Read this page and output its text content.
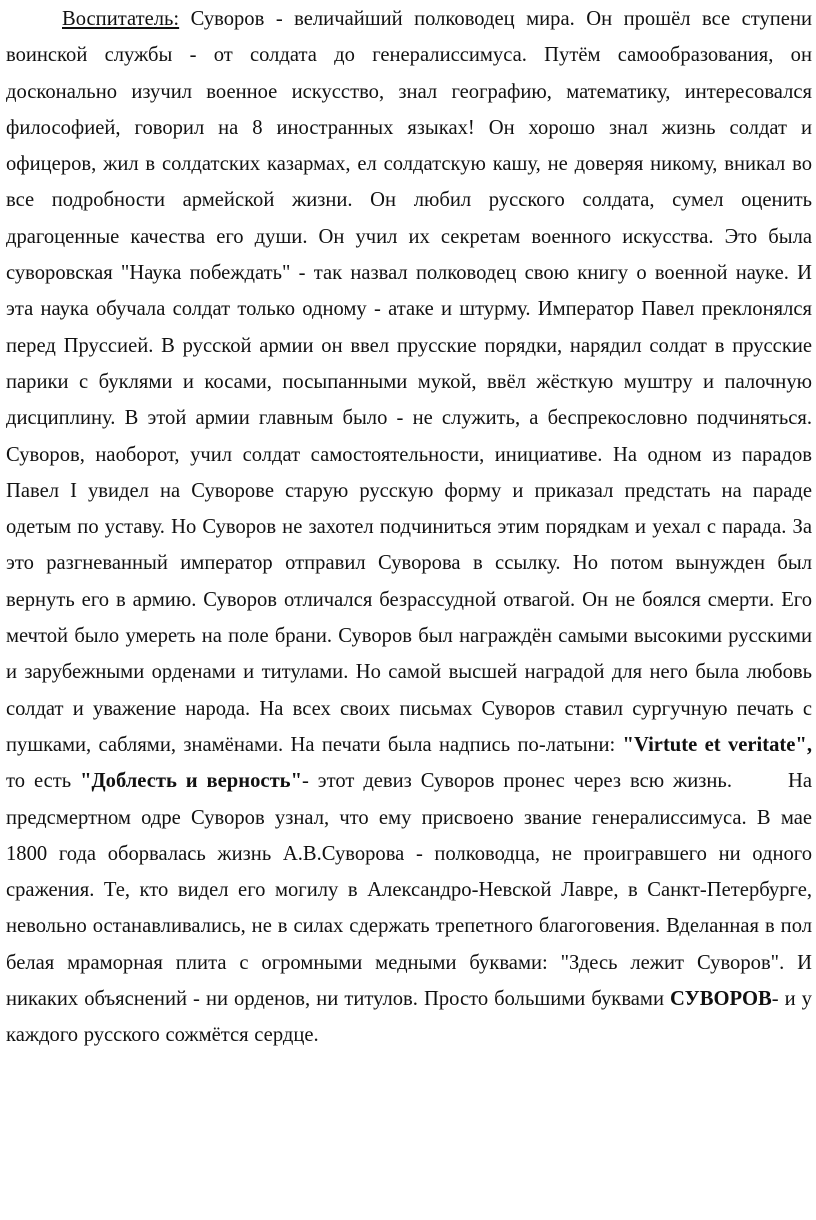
Воспитатель: Суворов - величайший полководец мира. Он прошёл все ступени воинской службы - от солдата до генералиссимуса. Путём самообразования, он досконально изучил военное искусство, знал географию, математику, интересовался философией, говорил на 8 иностранных языках! Он хорошо знал жизнь солдат и офицеров, жил в солдатских казармах, ел солдатскую кашу, не доверяя никому, вникал во все подробности армейской жизни. Он любил русского солдата, сумел оценить драгоценные качества его души. Он учил их секретам военного искусства. Это была суворовская "Наука побеждать" - так назвал полководец свою книгу о военной науке. И эта наука обучала солдат только одному - атаке и штурму. Император Павел преклонялся перед Пруссией. В русской армии он ввел прусские порядки, нарядил солдат в прусские парики с буклями и косами, посыпанными мукой, ввёл жёсткую муштру и палочную дисциплину. В этой армии главным было - не служить, а беспрекословно подчиняться. Суворов, наоборот, учил солдат самостоятельности, инициативе. На одном из парадов Павел I увидел на Суворове старую русскую форму и приказал предстать на параде одетым по уставу. Но Суворов не захотел подчиниться этим порядкам и уехал с парада. За это разгневанный император отправил Суворова в ссылку. Но потом вынужден был вернуть его в армию. Суворов отличался безрассудной отвагой. Он не боялся смерти. Его мечтой было умереть на поле брани. Суворов был награждён самыми высокими русскими и зарубежными орденами и титулами. Но самой высшей наградой для него была любовь солдат и уважение народа. На всех своих письмах Суворов ставил сургучную печать с пушками, саблями, знамёнами. На печати была надпись по-латыни: "Virtute et veritate", то есть "Доблесть и верность"- этот девиз Суворов пронес через всю жизнь.	На предсмертном одре Суворов узнал, что ему присвоено звание генералиссимуса. В мае 1800 года оборвалась жизнь А.В.Суворова - полководца, не проигравшего ни одного сражения. Те, кто видел его могилу в Александро-Невской Лавре, в Санкт-Петербурге, невольно останавливались, не в силах сдержать трепетного благоговения. Вделанная в пол белая мраморная плита с огромными медными буквами: "Здесь лежит Суворов". И никаких объяснений - ни орденов, ни титулов. Просто большими буквами СУВОРОВ- и у каждого русского сожмётся сердце.
